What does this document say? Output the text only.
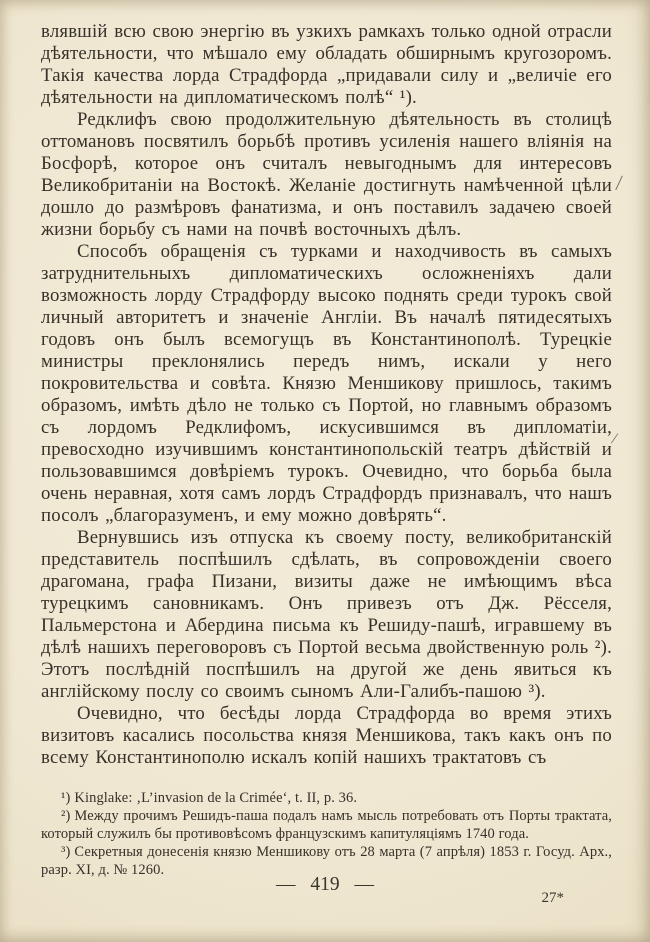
влявшій всю свою энергію въ узкихъ рамкахъ только одной отрасли дѣятельности, что мѣшало ему обладать обширнымъ кругозоромъ. Такія качества лорда Страдфорда „придавали силу и „величіе его дѣятельности на дипломатическомъ полѣ“ ¹).

Редклифъ свою продолжительную дѣятельность въ столицѣ оттомановъ посвятилъ борьбѣ противъ усиленія нашего вліянія на Босфорѣ, которое онъ считалъ невыгоднымъ для интересовъ Великобританіи на Востокѣ. Желаніе достигнуть намѣченной цѣли дошло до размѣровъ фанатизма, и онъ поставилъ задачею своей жизни борьбу съ нами на почвѣ восточныхъ дѣлъ.

Способъ обращенія съ турками и находчивость въ самыхъ затруднительныхъ дипломатическихъ осложненіяхъ дали возможность лорду Страдфорду высоко поднять среди турокъ свой личный авторитетъ и значеніе Англіи. Въ началѣ пятидесятыхъ годовъ онъ былъ всемогущъ въ Константинополѣ. Турецкіе министры преклонялись передъ нимъ, искали у него покровительства и совѣта. Князю Меншикову пришлось, такимъ образомъ, имѣть дѣло не только съ Портой, но главнымъ образомъ съ лордомъ Редклифомъ, искусившимся въ дипломатіи, превосходно изучившимъ константинопольскій театръ дѣйствій и пользовавшимся довѣріемъ турокъ. Очевидно, что борьба была очень неравная, хотя самъ лордъ Страдфордъ признавалъ, что нашъ посолъ „благоразуменъ, и ему можно довѣрять“.

Вернувшись изъ отпуска къ своему посту, великобританскій представитель поспѣшилъ сдѣлать, въ сопровожденіи своего драгомана, графа Пизани, визиты даже не имѣющимъ вѣса турецкимъ сановникамъ. Онъ привезъ отъ Дж. Рёсселя, Пальмерстона и Абердина письма къ Решиду-пашѣ, игравшему въ дѣлѣ нашихъ переговоровъ съ Портой весьма двойственную роль ²). Этотъ послѣдній поспѣшилъ на другой же день явиться къ англійскому послу со своимъ сыномъ Али-Галибъ-пашою ³).

Очевидно, что бесѣды лорда Страдфорда во время этихъ визитовъ касались посольства князя Меншикова, такъ какъ онъ по всему Константинополю искалъ копій нашихъ трактатовъ съ

/
/

¹) Kinglake: ‚L’invasion de la Crimée‘, t. II, p. 36.

²) Между прочимъ Решидъ-паша подалъ намъ мысль потребовать отъ Порты трактата, который служилъ бы противовѣсомъ французскимъ капитуляціямъ 1740 года.

³) Секретныя донесенія князю Меншикову отъ 28 марта (7 апрѣля) 1853 г. Госуд. Арх., разр. XI, д. № 1260.

— 419 —
27*
